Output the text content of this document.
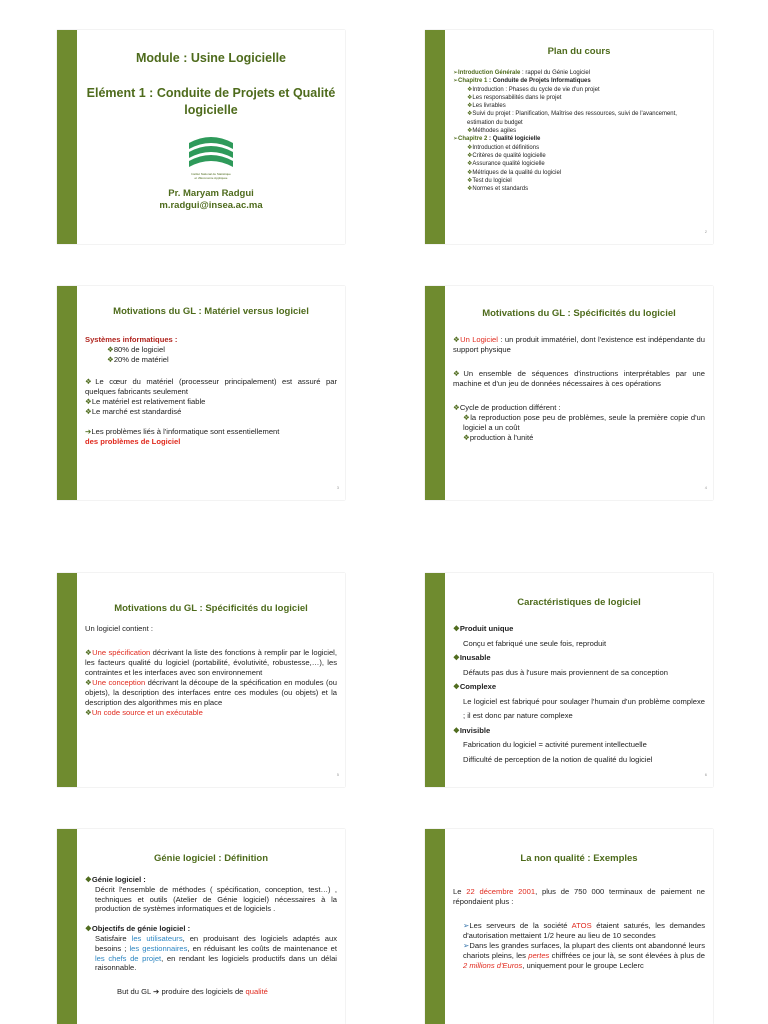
Module : Usine Logicielle
Elément 1 : Conduite de Projets et Qualité
logicielle
Institut National de Statistique
et d'Economie Appliquée
Pr. Maryam Radgui
m.radgui@insea.ac.ma
Plan du cours
➢ Introduction Générale : rappel du Génie Logiciel
➢ Chapitre 1 : Conduite de Projets Informatiques
❖ Introduction : Phases du cycle de vie d'un projet
❖ Les responsabilités dans le projet
❖ Les livrables
❖ Suivi du projet : Planification, Maîtrise des ressources, suivi de l'avancement, estimation du budget
❖ Méthodes agiles
➢ Chapitre 2 : Qualité logicielle
❖ Introduction et définitions
❖ Critères de qualité logicielle
❖ Assurance qualité logicielle
❖ Métriques de la qualité du logiciel
❖ Test du logiciel
❖ Normes et standards
2
Motivations du GL : Matériel versus logiciel
Systèmes informatiques :
❖ 80% de logiciel
❖ 20% de matériel
❖ Le cœur du matériel (processeur principalement) est assuré par quelques fabricants seulement
❖ Le matériel est relativement fiable
❖ Le marché est standardisé
➔ Les problèmes liés à l'informatique sont essentiellement
des problèmes de Logiciel
3
Motivations du GL : Spécificités du logiciel
❖ Un Logiciel : un produit immatériel, dont l'existence est indépendante du support physique
❖ Un ensemble de séquences d'instructions interprétables par une machine et d'un jeu de données nécessaires à ces opérations
❖ Cycle de production différent :
❖ la reproduction pose peu de problèmes, seule la première copie d'un logiciel a un coût
❖ production à l'unité
4
Motivations du GL : Spécificités du logiciel
Un logiciel contient :
❖ Une spécification décrivant la liste des fonctions à remplir par le logiciel, les facteurs qualité du logiciel (portabilité, évolutivité, robustesse,…), les contraintes et les interfaces avec son environnement
❖ Une conception décrivant la découpe de la spécification en modules (ou objets), la description des interfaces entre ces modules (ou objets) et la description des algorithmes mis en place
❖ Un code source et un exécutable
5
Caractéristiques de logiciel
❖ Produit unique
Conçu et fabriqué une seule fois, reproduit
❖ Inusable
Défauts pas dus à l'usure mais proviennent de sa conception
❖ Complexe
Le logiciel est fabriqué pour soulager l'humain d'un problème complexe ; il est donc par nature complexe
❖ Invisible
Fabrication du logiciel = activité purement intellectuelle
Difficulté de perception de la notion de qualité du logiciel
6
Génie logiciel : Définition
❖ Génie logiciel :
Décrit l'ensemble de méthodes ( spécification, conception, test…) , techniques et outils (Atelier de Génie logiciel) nécessaires à la production de systèmes informatiques et de logiciels .
❖ Objectifs de génie logiciel :
Satisfaire les utilisateurs, en produisant des logiciels adaptés aux besoins ; les gestionnaires, en réduisant les coûts de maintenance et les chefs de projet, en rendant les logiciels productifs dans un délai raisonnable.
But du GL ➔ produire des logiciels de qualité
La non qualité : Exemples
Le 22 décembre 2001, plus de 750 000 terminaux de paiement ne répondaient plus :
➢ Les serveurs de la société ATOS étaient saturés, les demandes d'autorisation mettaient 1/2 heure au lieu de 10 secondes
➢ Dans les grandes surfaces, la plupart des clients ont abandonné leurs chariots pleins, les pertes chiffrées ce jour là, se sont élevées à plus de 2 millions d'Euros, uniquement pour le groupe Leclerc
